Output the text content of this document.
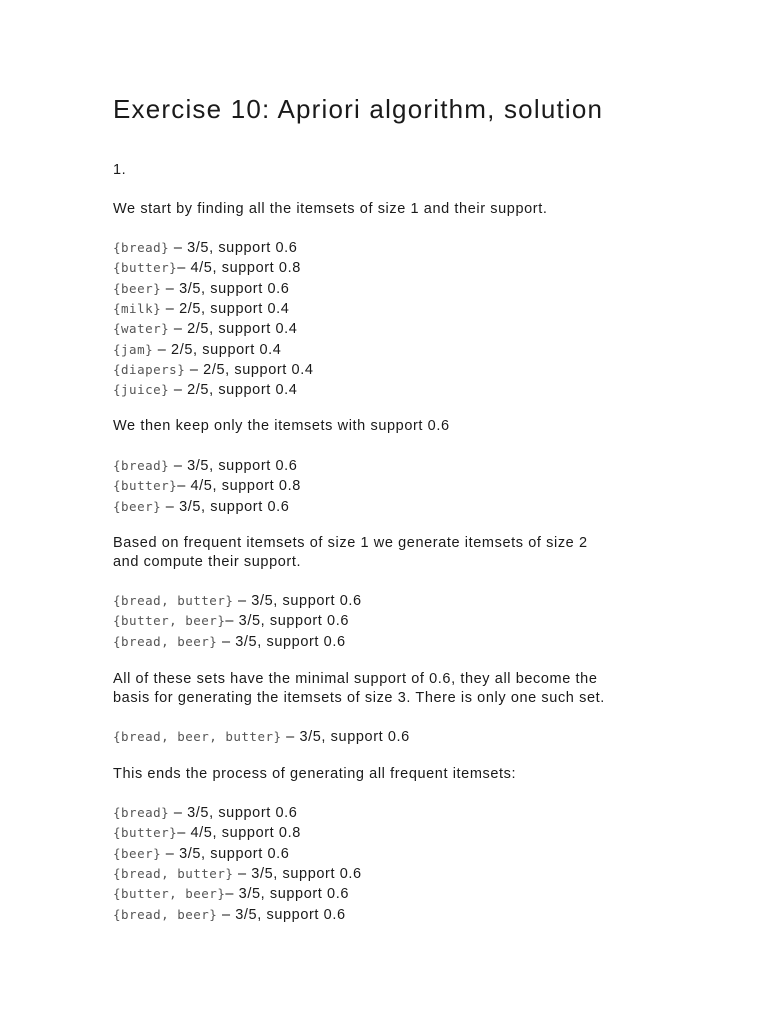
Exercise 10: Apriori algorithm, solution
1.
We start by finding all the itemsets of size 1 and their support.
{bread} – 3/5, support 0.6
{butter}– 4/5, support 0.8
{beer} – 3/5, support 0.6
{milk} – 2/5, support 0.4
{water} – 2/5, support 0.4
{jam} – 2/5, support 0.4
{diapers} – 2/5, support 0.4
{juice} – 2/5, support 0.4
We then keep only the itemsets with support 0.6
{bread} – 3/5, support 0.6
{butter}– 4/5, support 0.8
{beer} – 3/5, support 0.6
Based on frequent itemsets of size 1 we generate itemsets of size 2
and compute their support.
{bread, butter} – 3/5, support 0.6
{butter, beer}– 3/5, support 0.6
{bread, beer} – 3/5, support 0.6
All of these sets have the minimal support of 0.6, they all become the
basis for generating the itemsets of size 3. There is only one such set.
{bread, beer, butter} – 3/5, support 0.6
This ends the process of generating all frequent itemsets:
{bread} – 3/5, support 0.6
{butter}– 4/5, support 0.8
{beer} – 3/5, support 0.6
{bread, butter} – 3/5, support 0.6
{butter, beer}– 3/5, support 0.6
{bread, beer} – 3/5, support 0.6
